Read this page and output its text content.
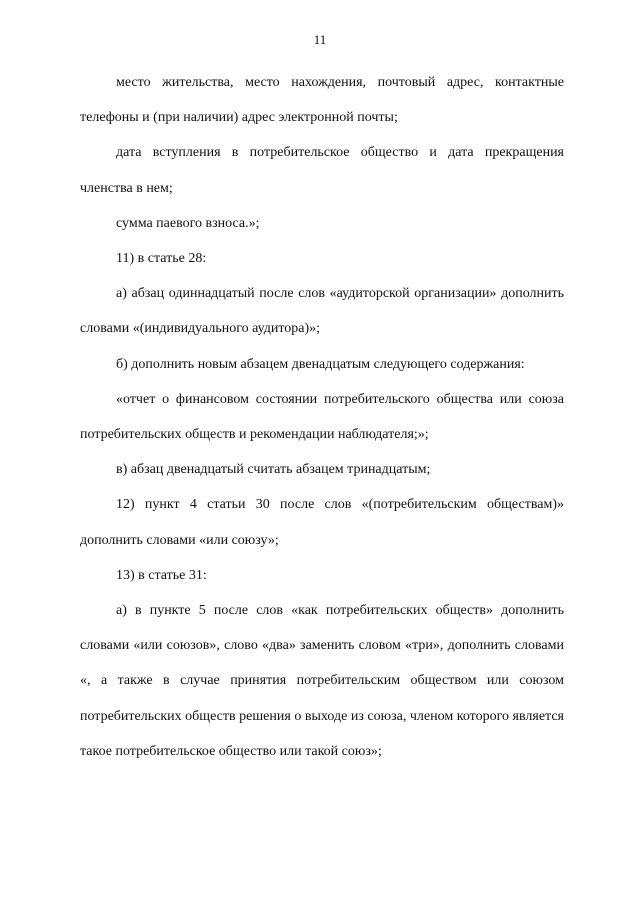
11

место жительства, место нахождения, почтовый адрес, контактные телефоны и (при наличии) адрес электронной почты;

дата вступления в потребительское общество и дата прекращения членства в нем;

сумма паевого взноса.»;

11) в статье 28:

а) абзац одиннадцатый после слов «аудиторской организации» дополнить словами «(индивидуального аудитора)»;

б) дополнить новым абзацем двенадцатым следующего содержания:

«отчет о финансовом состоянии потребительского общества или союза потребительских обществ и рекомендации наблюдателя;»;

в) абзац двенадцатый считать абзацем тринадцатым;

12) пункт 4 статьи 30 после слов «(потребительским обществам)» дополнить словами «или союзу»;

13) в статье 31:

а) в пункте 5 после слов «как потребительских обществ» дополнить словами «или союзов», слово «два» заменить словом «три», дополнить словами «, а также в случае принятия потребительским обществом или союзом потребительских обществ решения о выходе из союза, членом которого является такое потребительское общество или такой союз»;
